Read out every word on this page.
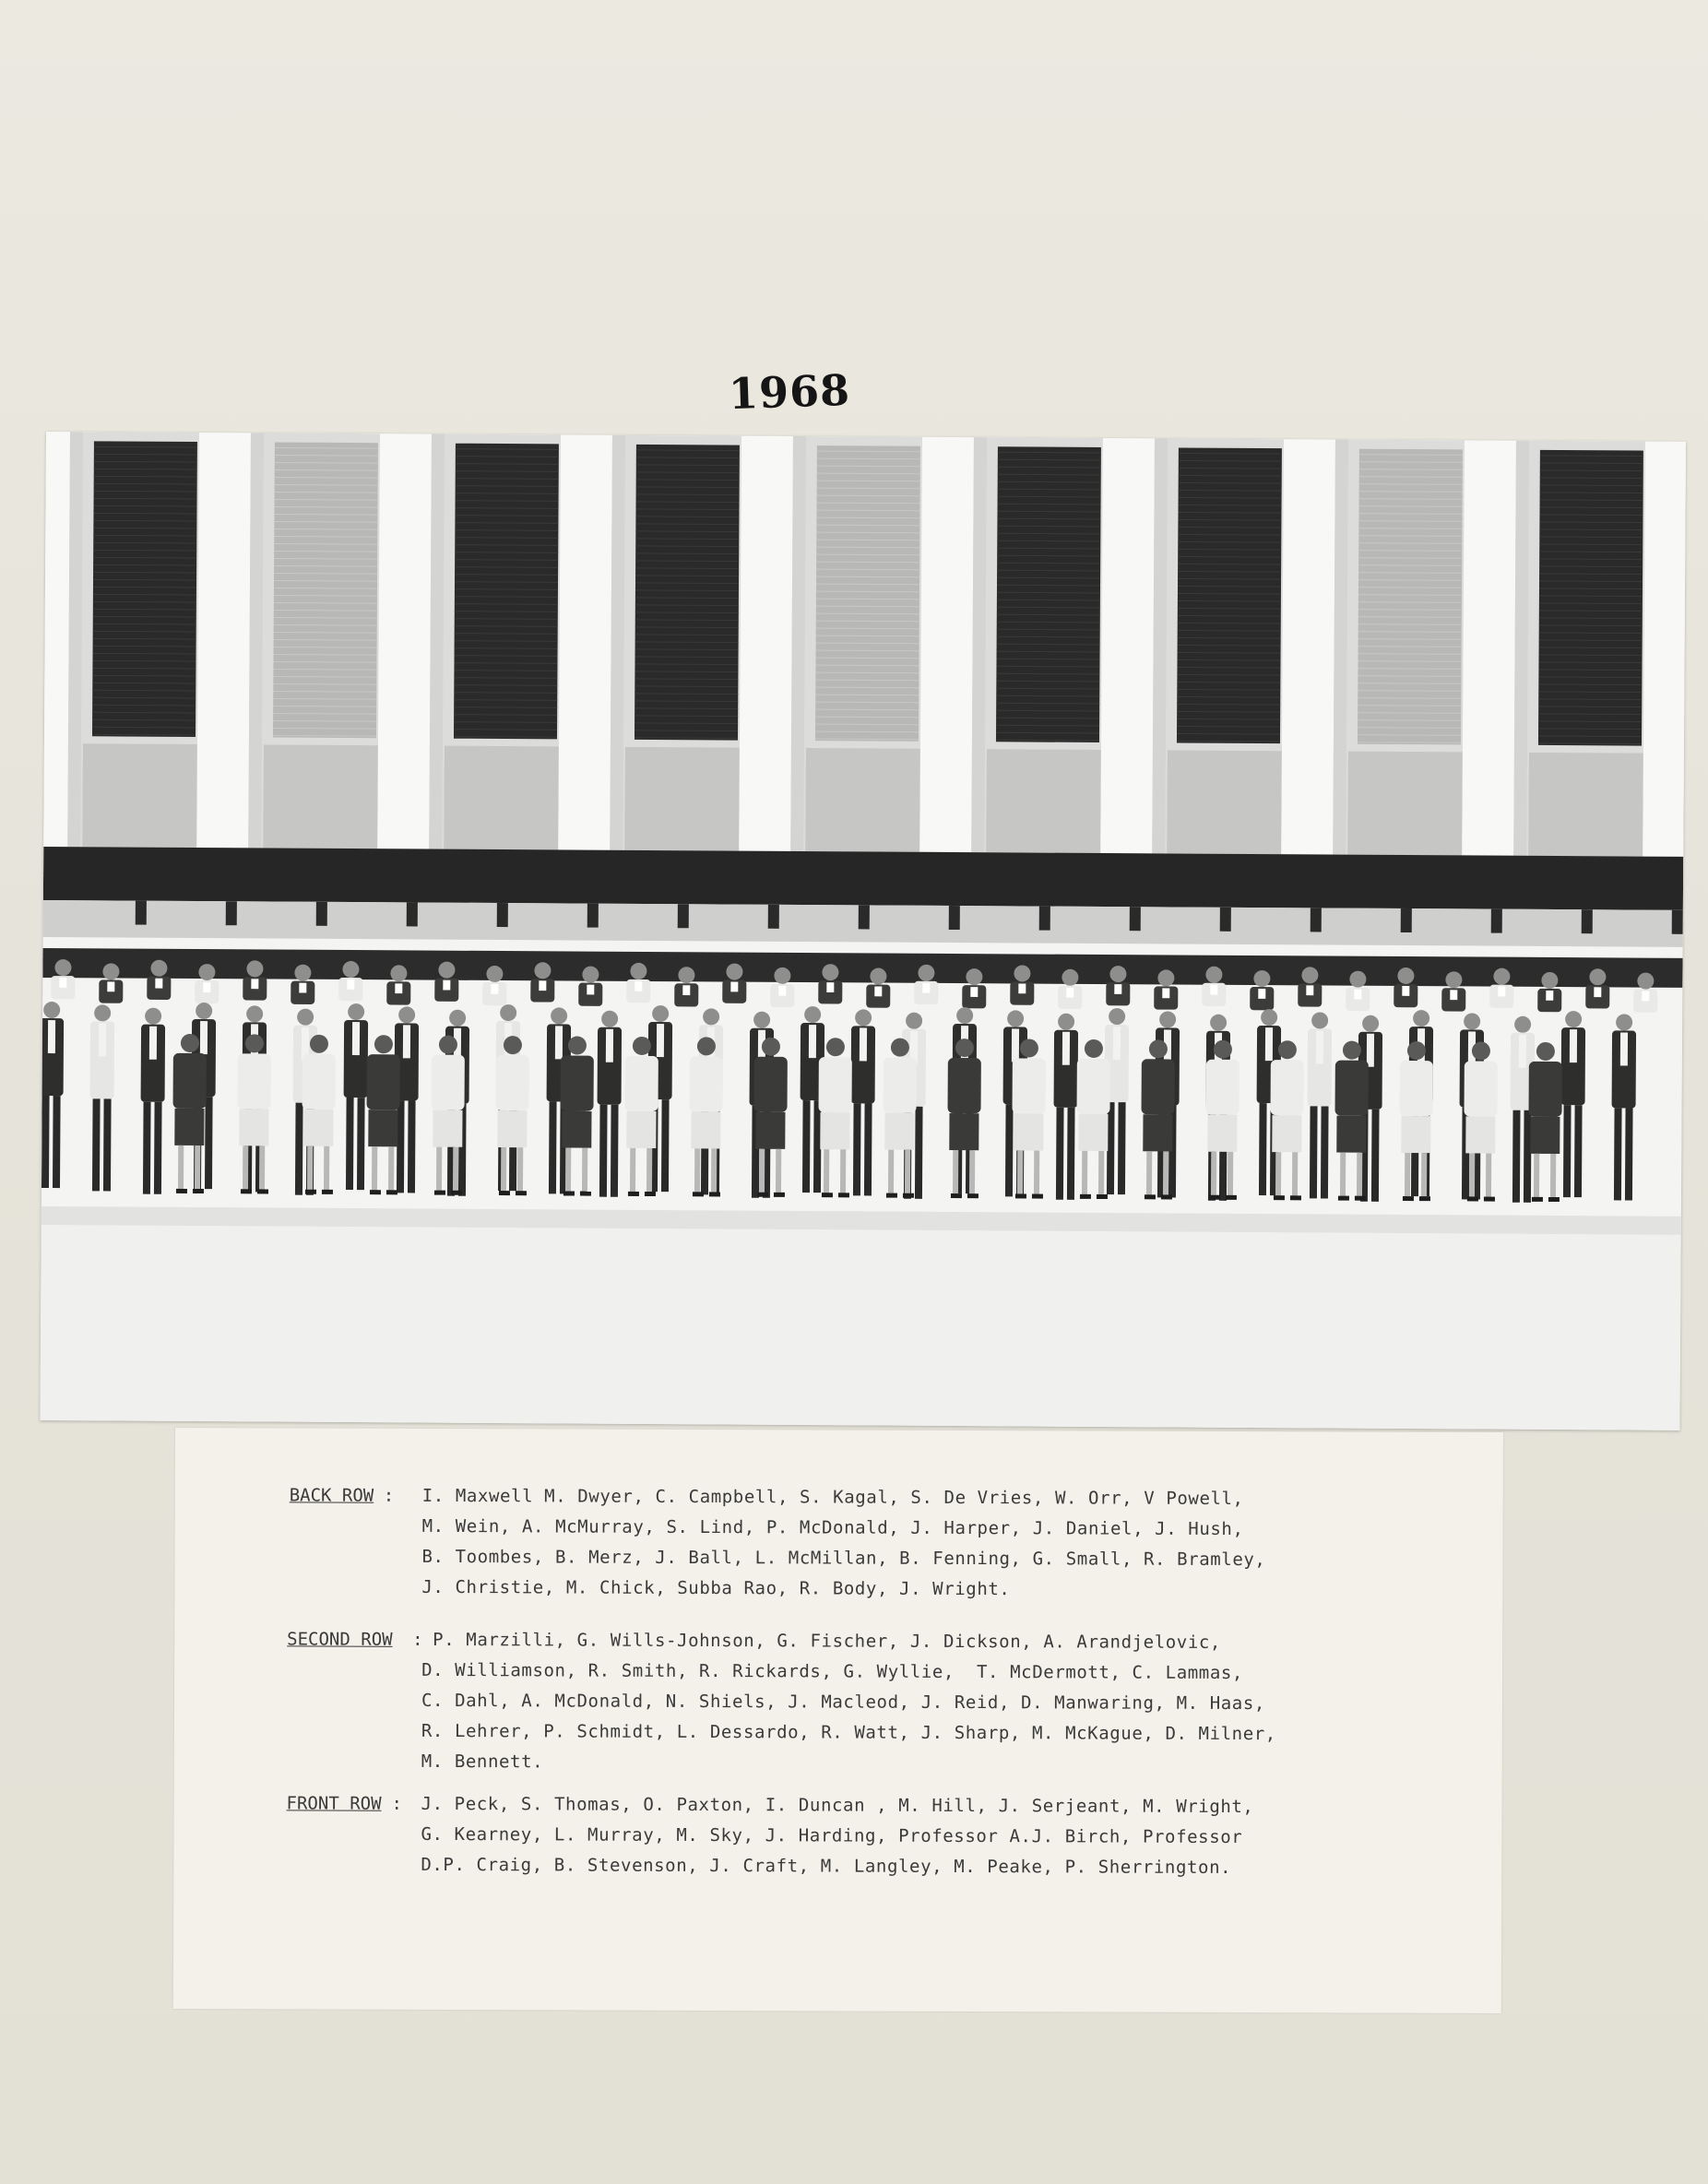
1968
BACK ROW : I. Maxwell M. Dwyer, C. Campbell, S. Kagal, S. De Vries, W. Orr, V Powell,
M. Wein, A. McMurray, S. Lind, P. McDonald, J. Harper, J. Daniel, J. Hush,
B. Toombes, B. Merz, J. Ball, L. McMillan, B. Fenning, G. Small, R. Bramley,
J. Christie, M. Chick, Subba Rao, R. Body, J. Wright.
SECOND ROW : P. Marzilli, G. Wills-Johnson, G. Fischer, J. Dickson, A. Arandjelovic,
D. Williamson, R. Smith, R. Rickards, G. Wyllie,  T. McDermott, C. Lammas,
C. Dahl, A. McDonald, N. Shiels, J. Macleod, J. Reid, D. Manwaring, M. Haas,
R. Lehrer, P. Schmidt, L. Dessardo, R. Watt, J. Sharp, M. McKague, D. Milner,
M. Bennett.
FRONT ROW : J. Peck, S. Thomas, O. Paxton, I. Duncan , M. Hill, J. Serjeant, M. Wright,
G. Kearney, L. Murray, M. Sky, J. Harding, Professor A.J. Birch, Professor
D.P. Craig, B. Stevenson, J. Craft, M. Langley, M. Peake, P. Sherrington.
